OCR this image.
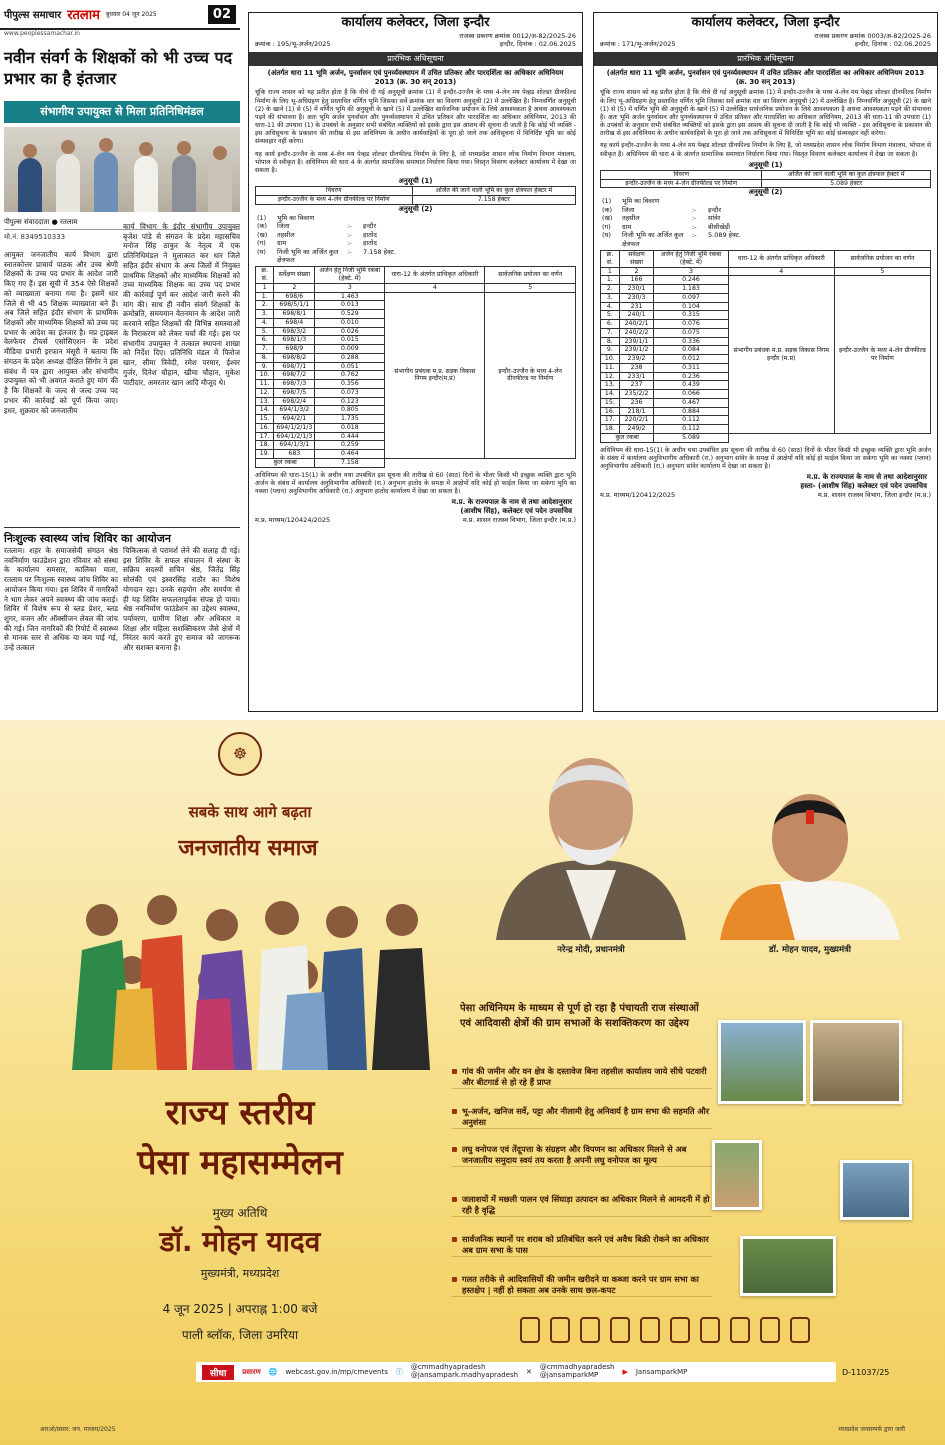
पीपुल्स समाचार रतलाम बुधवार 04 जून 2025	02
www.peoplessamachar.in
नवीन संवर्ग के शिक्षकों को भी उच्च पद प्रभार का है इंतजार
संभागीय उपायुक्त से मिला प्रतिनिधिमंडल
पीपुल्स संवाददाता ● रतलाम
मो.नं. 8349510333
आयुक्त जनजातीय कार्य विभाग द्वारा स्नातकोत्तर प्राचार्य पाठक और उच्च श्रेणी शिक्षकों के उच्च पद प्रभार के आदेश जारी किए गए हैं। इस सूची में 354 ऐसे शिक्षकों को व्याख्याता बनाया गया है। इसमें धार जिले से भी 45 शिक्षक व्याख्याता बने हैं। अब जिले सहित इंदौर संभाग के प्राथमिक शिक्षकों और माध्यमिक शिक्षकों को उच्च पद प्रभार के आदेश का इंतजार है। मप्र ट्राइबल वेलफेयर टीचर्स एसोसिएशन के प्रदेश मीडिया प्रभारी इरफान मंसूरी ने बताया कि संगठन के प्रदेश अध्यक्ष दीक्षित सिंगोर ने इस संबंध में पत्र द्वारा आयुक्त और संभागीय उपायुक्त को भी अवगत कराते हुए मांग की है कि शिक्षकों के जल्द से जल्द उच्च पद प्रभार की कार्रवाई को पूर्ण किया जाए। इधर, शुक्रवार को जनजातीय
कार्य विभाग के इंदौर संभागीय उपायुक्त बृजेश पांडे से संगठन के प्रदेश महासचिव मनोज सिंह ठाकुर के नेतृत्व में एक प्रतिनिधिमंडल ने मुलाकात कर धार जिले सहित इंदौर संभाग के अन्य जिलों में नियुक्त प्राथमिक शिक्षकों और माध्यमिक शिक्षकों को उच्च माध्यमिक शिक्षक का उच्च पद प्रभार की कार्रवाई पूर्ण कर आदेश जारी करने की मांग की। साथ ही नवीन संवर्ग शिक्षकों के क्रमोन्नति, समयमान वेतनमान के आदेश जारी करवाने सहित शिक्षकों की विभिन्न समस्याओं के निराकरण को लेकर चर्चा की गई। इस पर संभागीय उपायुक्त ने तत्काल स्थापना शाखा को निर्देश दिए। प्रतिनिधि मंडल में फिरोज खान, सीमा त्रिवेदी, रमेश परमार, ईश्वर गुर्जर, दिनेश चौहान, खीमा चौहान, मुकेश पाटीदार, अमरतार खान आदि मौजूद थे।
निःशुल्क स्वास्थ्य जांच शिविर का आयोजन
रतलाम। शहर के समाजसेवी संगठन श्रेष्ठ नवनिर्माण फाउंडेशन द्वारा रविवार को संस्था के कार्यालय समसार, कालिका माता, रतलाम पर निःशुल्क स्वास्थ्य जांच शिविर का आयोजन किया गया। इस शिविर में नागरिकों ने भाग लेकर अपने स्वास्थ्य की जांच कराई। शिविर में विशेष रूप से ब्लड प्रेशर, ब्लड शुगर, वजन और ऑक्सीजन लेवल की जांच की गई। जिन नागरिकों की रिपोर्ट में स्वास्थ्य से मानक स्तर से अधिक या कम पाई गई, उन्हें तत्काल
चिकित्सक से परामर्श लेने की सलाह दी गई। इस शिविर के सफल संचालन में संस्था के सक्रिय सदस्यों सचिन श्रेष्ठ, जितेंद्र सिंह सोलंकी एवं इस्वरसिंह राठौर का विशेष योगदान रहा। उनके सहयोग और समर्पण से ही यह शिविर सफलतापूर्वक संपन्न हो पाया। श्रेष्ठ नवनिर्माण फाउंडेशन का उद्देश्य स्वास्थ्य, पर्यावरण, ग्रामीण शिक्षा और अधिकार व शिक्षा और महिला सशक्तिकरण जैसे क्षेत्रों में निरंतर कार्य करते हुए समाज को जागरूक और सशक्त बनाना है।
कार्यालय कलेक्टर, जिला इन्दौर
राजस्व प्रकरण क्रमांक 0012/अ-82/2025-26
क्रमांक : 195/भू-अर्जन/2025	इन्दौर, दिनांक : 02.06.2025
प्रारंभिक अधिसूचना
(अंतर्गत धारा 11 भूमि अर्जन, पुनर्वासन एवं पुनर्व्यवस्थापन में उचित प्रतिकर और पारदर्शिता का अधिकार अधिनियम 2013 (क्र. 30 सन् 2013)
चूंकि राज्य शासन को यह प्रतीत होता है कि नीचे दी गई अनुसूची क्रमांक (1) में इन्दौर-उज्जैन के मध्य 4-लेन मय पेव्हड शोल्डर ग्रीनफील्ड निर्माण के लिए भू-अधिग्रहण हेतु प्रस्तावित वर्णित भूमि जिसका सर्वे क्रमांक वार का विवरण अनुसूची (2) में उल्लेखित है। निम्नवर्णित अनुसूची (2) के खाने (1) से (5) में वर्णित भूमि की अनुसूची के खाने (5) में उल्लेखित सार्वजनिक प्रयोजन के लिये आवश्यकता है अथवा आवश्यकता पड़ने की संभावना है। अतः भूमि अर्जन पुनर्वासन और पुनर्व्यवस्थापन में उचित प्रतिकर और पारदर्शिता का अधिकार अधिनियम, 2013 की धारा-11 की उपधारा (1) के उपबंधों के अनुसार सभी संबंधित व्यक्तियों को इसके द्वारा इस आशय की सूचना दी जाती है कि कोई भी व्यक्ति - इस अधिसूचना के प्रकाशन की तारीख से इस अधिनियम के अधीन कार्यवाहियों के पूरा हो जाने तक अधिसूचना में विनिर्दिष्ट भूमि का कोई संव्यवहार नहीं करेगा।
यह कार्य इन्दौर-उज्जैन के मध्य 4-लेन मय पेव्हड शोल्डर ग्रीनफील्ड निर्माण के लिए है, जो मध्यप्रदेश शासन लोक निर्माण विभाग मंत्रालय, भोपाल से स्वीकृत है। अधिनियम की धारा 4 के अंतर्गत सामाजिक समाघात निर्धारण किया गया। विस्तृत विवरण कलेक्टर कार्यालय में देखा जा सकता है।
अनुसूची (1)
विवरण	अर्जित की जाने वाली भूमि का कुल क्षेत्रफल हेक्टर में
इन्दौर-उज्जैन के मध्य 4-लेन ग्रीनफील्ड पर निर्माण	7.158 हेक्टर
अनुसूची (2)
(1)	भूमि का विवरण
(क)	जिला	:-	इन्दौर
(ख)	तहसील	:-	हातोद
(ग)	ग्राम	:-	हातोद
(घ)	निजी भूमि का अर्जित कुल क्षेत्रफल
:-	7.158 हेक्ट.
क्र. सं.	सर्वेक्षण संख्या	अर्जन हेतु निजी भूमि रकबा (हेक्टे. में)	धारा-12 के अंतर्गत प्राधिकृत अधिकारी	सार्वजनिक प्रयोजन का वर्णन
1	2	3	4	5
1.	698/6	1.463	संभागीय प्रबंधक म.प्र. सड़क विकास निगम इन्दौर(म.प्र)	इन्दौर-उज्जैन के मध्य 4-लेन ग्रीनफील्ड पर निर्माण
2.	698/5/1/1	0.013		
3.	698/8/1	0.529		
4.	698/4	0.010		
5.	698/3/2	0.026		
6.	698/1/3	0.015		
7.	698/9	0.009		
8.	698/8/2	0.288		
9.	698/7/1	0.051		
10.	698/7/2	0.762		
11.	698/7/3	0.356		
12.	698/7/5	0.073		
13.	698/2/4	0.123		
14.	694/1/3/2	0.805		
15.	694/2/1	1.735		
16.	694/1/2/1/3	0.018		
17.	694/1/2/1/3	0.444		
18.	694/1/3/1	0.259		
19.	683	0.464		
कुल रकबा		7.158		
अधिनियम की धारा-15(1) के अधीन यथा उपबंधित इस सूचना की तारीख से 60 (साठ) दिनों के भीतर किसी भी इच्छुक व्यक्ति द्वारा भूमि अर्जन के संबंध में कार्यालय अनुविभागीय अधिकारी (रा.) अनुभाग हातोद के समक्ष में आक्षेपों यदि कोई हो फाईल किया जा सकेगा भूमि का नक्शा (प्लान) अनुविभागीय अधिकारी (रा.) अनुभाग हातोद कार्यालय में देखा जा सकता है।
म.प्र. के राज्यपाल के नाम से तथा आदेशानुसार
(आशीष सिंह), कलेक्टर एवं पदेन उपसचिव
म.प्र. माध्यम/120424/2025	म.प्र. शासन राजस्व विभाग, जिला इन्दौर (म.प्र.)
कार्यालय कलेक्टर, जिला इन्दौर
राजस्व प्रकरण क्रमांक 0003/अ-82/2025-26
क्रमांक : 171/भू-अर्जन/2025	इन्दौर, दिनांक : 02.06.2025
प्रारंभिक अधिसूचना
(अंतर्गत धारा 11 भूमि अर्जन, पुनर्वासन एवं पुनर्व्यवस्थापन में उचित प्रतिकर और पारदर्शिता का अधिकार अधिनियम 2013 (क्र. 30 सन् 2013)
चूंकि राज्य शासन को यह प्रतीत होता है कि नीचे दी गई अनुसूची क्रमांक (1) में इन्दौर-उज्जैन के मध्य 4-लेन मय पेव्हड शोल्डर ग्रीनफील्ड निर्माण के लिए भू-अधिग्रहण हेतु प्रस्तावित वर्णित भूमि जिसका सर्वे क्रमांक वार का विवरण अनुसूची (2) में उल्लेखित है। निम्नवर्णित अनुसूची (2) के खाने (1) से (5) में वर्णित भूमि की अनुसूची के खाने (5) में उल्लेखित सार्वजनिक प्रयोजन के लिये आवश्यकता है अथवा आवश्यकता पड़ने की संभावना है। अतः भूमि अर्जन पुनर्वासन और पुनर्व्यवस्थापन में उचित प्रतिकर और पारदर्शिता का अधिकार अधिनियम, 2013 की धारा-11 की उपधारा (1) के उपबंधों के अनुसार सभी संबंधित व्यक्तियों को इसके द्वारा इस आशय की सूचना दी जाती है कि कोई भी व्यक्ति - इस अधिसूचना के प्रकाशन की तारीख से इस अधिनियम के अधीन कार्यवाहियों के पूरा हो जाने तक अधिसूचना में विनिर्दिष्ट भूमि का कोई संव्यवहार नहीं करेगा।
यह कार्य इन्दौर-उज्जैन के मध्य 4-लेन मय पेव्हड शोल्डर ग्रीनफील्ड निर्माण के लिए है, जो मध्यप्रदेश शासन लोक निर्माण विभाग मंत्रालय, भोपाल से स्वीकृत है। अधिनियम की धारा 4 के अंतर्गत सामाजिक समाघात निर्धारण किया गया। विस्तृत विवरण कलेक्टर कार्यालय में देखा जा सकता है।
अनुसूची (1)
विवरण	अर्जित की जाने वाली भूमि का कुल क्षेत्रफल हेक्टर में
इन्दौर-उज्जैन के मध्य 4-लेन ग्रीनफील्ड पर निर्माण	5.089 हेक्टर
अनुसूची (2)
(1)	भूमि का विवरण
(क)	जिला	:-	इन्दौर
(ख)	तहसील	:-	सांवेर
(ग)	ग्राम	:-	बीसीखेड़ी
(घ)	निजी भूमि का अर्जित कुल क्षेत्रफल
:-	5.089 हेक्ट.
क्र. सं.	सर्वेक्षण संख्या	अर्जन हेतु निजी भूमि रकबा (हेक्टे. में)	धारा-12 के अंतर्गत प्राधिकृत अधिकारी	सार्वजनिक प्रयोजन का वर्णन
1	2	3	4	5
1.	166	0.246	संभागीय प्रबंधक म.प्र. सड़क विकास निगम इन्दौर (म.प्र)	इन्दौर-उज्जैन के मध्य 4-लेन ग्रीनफील्ड पर निर्माण
2.	230/1	1.183		
3.	230/3	0.097		
4.	231	0.104		
5.	240/1	0.315		
6.	240/2/1	0.076		
7.	240/2/2	0.075		
8.	239/1/1	0.336		
9.	239/1/2	0.084		
10.	239/2	0.012		
11.	238	0.311		
12.	233/1	0.236		
13.	237	0.439		
14.	235/2/2	0.066		
15.	236	0.467		
16.	218/1	0.884		
17.	220/2/1	0.112		
18.	249/2	0.112		
कुल रकबा		5.089		
अधिनियम की धारा-15(1) के अधीन यथा उपबंधित इस सूचना की तारीख से 60 (साठ) दिनों के भीतर किसी भी इच्छुक व्यक्ति द्वारा भूमि अर्जन के संबंध में कार्यालय अनुविभागीय अधिकारी (रा.) अनुभाग सांवेर के समक्ष में आक्षेपों यदि कोई हो फाईल किया जा सकेगा भूमि का नक्शा (प्लान) अनुविभागीय अधिकारी (रा.) अनुभाग सांवेर कार्यालय में देखा जा सकता है।
म.प्र. के राज्यपाल के नाम से तथा आदेशानुसार
हस्ता- (आशीष सिंह) कलेक्टर एवं पदेन उपसचिव
म.प्र. माध्यम/120412/2025	म.प्र. शासन राजस्व विभाग, जिला इन्दौर (म.प्र.)
☸
सबके साथ आगे बढ़ता
जनजातीय समाज
नरेन्द्र मोदी, प्रधानमंत्री	डॉ. मोहन यादव, मुख्यमंत्री
राज्य स्तरीय
पेसा महासम्मेलन
मुख्य अतिथि
डॉ. मोहन यादव
मुख्यमंत्री, मध्यप्रदेश
4 जून 2025 | अपराह्न 1:00 बजे
पाली ब्लॉक, जिला उमरिया
पेसा अधिनियम के माध्यम से पूर्ण हो रहा है पंचायती राज संस्थाओं एवं आदिवासी क्षेत्रों की ग्राम सभाओं के सशक्तिकरण का उद्देश्य
गांव की जमीन और वन क्षेत्र के दस्तावेज बिना तहसील कार्यालय जाये सीधे पटवारी और बीटगार्ड से हो रहे हैं प्राप्त
भू-अर्जन, खनिज सर्वे, पट्टा और नीलामी हेतु अनिवार्य है ग्राम सभा की सहमति और अनुशंसा
लघु वनोपज एवं तेंदूपत्ता के संग्रहण और विपणन का अधिकार मिलने से अब जनजातीय समुदाय स्वयं तय करता है अपनी लघु वनोपज का मूल्य
जलाशयों में मछली पालन एवं सिंघाड़ा उत्पादन का अधिकार मिलने से आमदनी में हो रही है वृद्धि
सार्वजनिक स्थानों पर शराब को प्रतिबंधित करने एवं अवैध बिक्री रोकने का अधिकार अब ग्राम सभा के पास
गलत तरीके से आदिवासियों की जमीन खरीदने या कब्जा करने पर ग्राम सभा का हस्तक्षेप | नहीं हो सकता अब उनके साथ छल-कपट
सीधा	प्रसारण 🌐 webcast.gov.in/mp/cmevents ⓕ
@cmmadhyapradesh
@jansampark.madhyapradesh ✕
@cmmadhyapradesh
@jansamparkMP	▶ JansamparkMP	D-11037/25
आरओ/प्रसार: जन. माध्यम/2025	मध्यप्रदेश जनसम्पर्क द्वारा जारी
